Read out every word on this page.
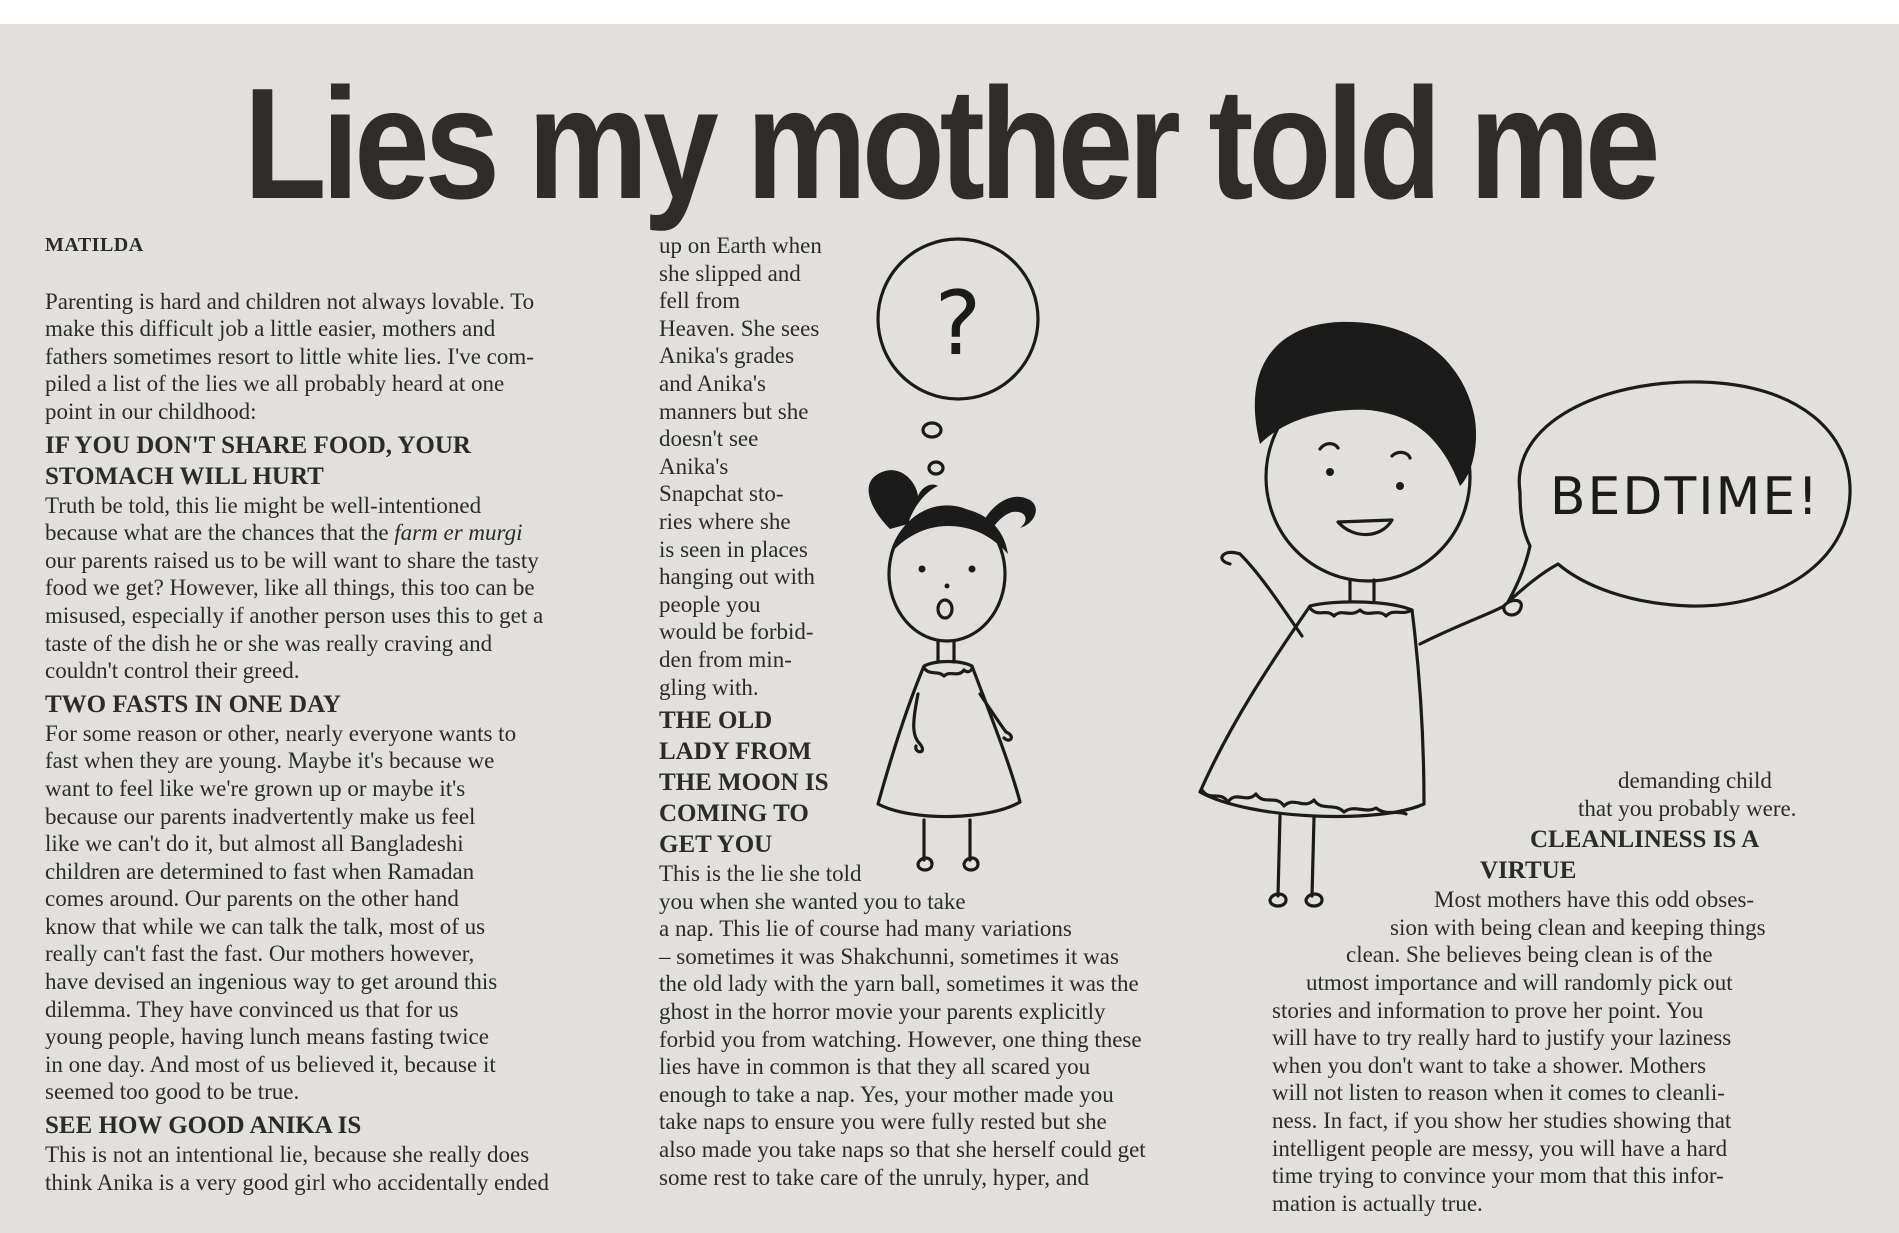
Lies my mother told me

MATILDA

Parenting is hard and children not always lovable. To
make this difficult job a little easier, mothers and
fathers sometimes resort to little white lies. I've com-
piled a list of the lies we all probably heard at one
point in our childhood:

IF YOU DON'T SHARE FOOD, YOUR
STOMACH WILL HURT

Truth be told, this lie might be well-intentioned
because what are the chances that the farm er murgi
our parents raised us to be will want to share the tasty
food we get? However, like all things, this too can be
misused, especially if another person uses this to get a
taste of the dish he or she was really craving and
couldn't control their greed.

TWO FASTS IN ONE DAY

For some reason or other, nearly everyone wants to
fast when they are young. Maybe it's because we
want to feel like we're grown up or maybe it's
because our parents inadvertently make us feel
like we can't do it, but almost all Bangladeshi
children are determined to fast when Ramadan
comes around. Our parents on the other hand
know that while we can talk the talk, most of us
really can't fast the fast. Our mothers however,
have devised an ingenious way to get around this
dilemma. They have convinced us that for us
young people, having lunch means fasting twice
in one day. And most of us believed it, because it
seemed too good to be true.

SEE HOW GOOD ANIKA IS

This is not an intentional lie, because she really does
think Anika is a very good girl who accidentally ended

up on Earth when
she slipped and
fell from
Heaven. She sees
Anika's grades
and Anika's
manners but she
doesn't see
Anika's
Snapchat sto-
ries where she
is seen in places
hanging out with
people you
would be forbid-
den from min-
gling with.

THE OLD
LADY FROM
THE MOON IS
COMING TO
GET YOU

This is the lie she told
you when she wanted you to take
a nap. This lie of course had many variations
– sometimes it was Shakchunni, sometimes it was
the old lady with the yarn ball, sometimes it was the
ghost in the horror movie your parents explicitly
forbid you from watching. However, one thing these
lies have in common is that they all scared you
enough to take a nap. Yes, your mother made you
take naps to ensure you were fully rested but she
also made you take naps so that she herself could get
some rest to take care of the unruly, hyper, and

demanding child
that you probably were.

CLEANLINESS IS A
VIRTUE

Most mothers have this odd obses-
sion with being clean and keeping things
clean. She believes being clean is of the
utmost importance and will randomly pick out
stories and information to prove her point. You
will have to try really hard to justify your laziness
when you don't want to take a shower. Mothers
will not listen to reason when it comes to cleanli-
ness. In fact, if you show her studies showing that
intelligent people are messy, you will have a hard
time trying to convince your mom that this infor-
mation is actually true.

?
BEDTIME!
